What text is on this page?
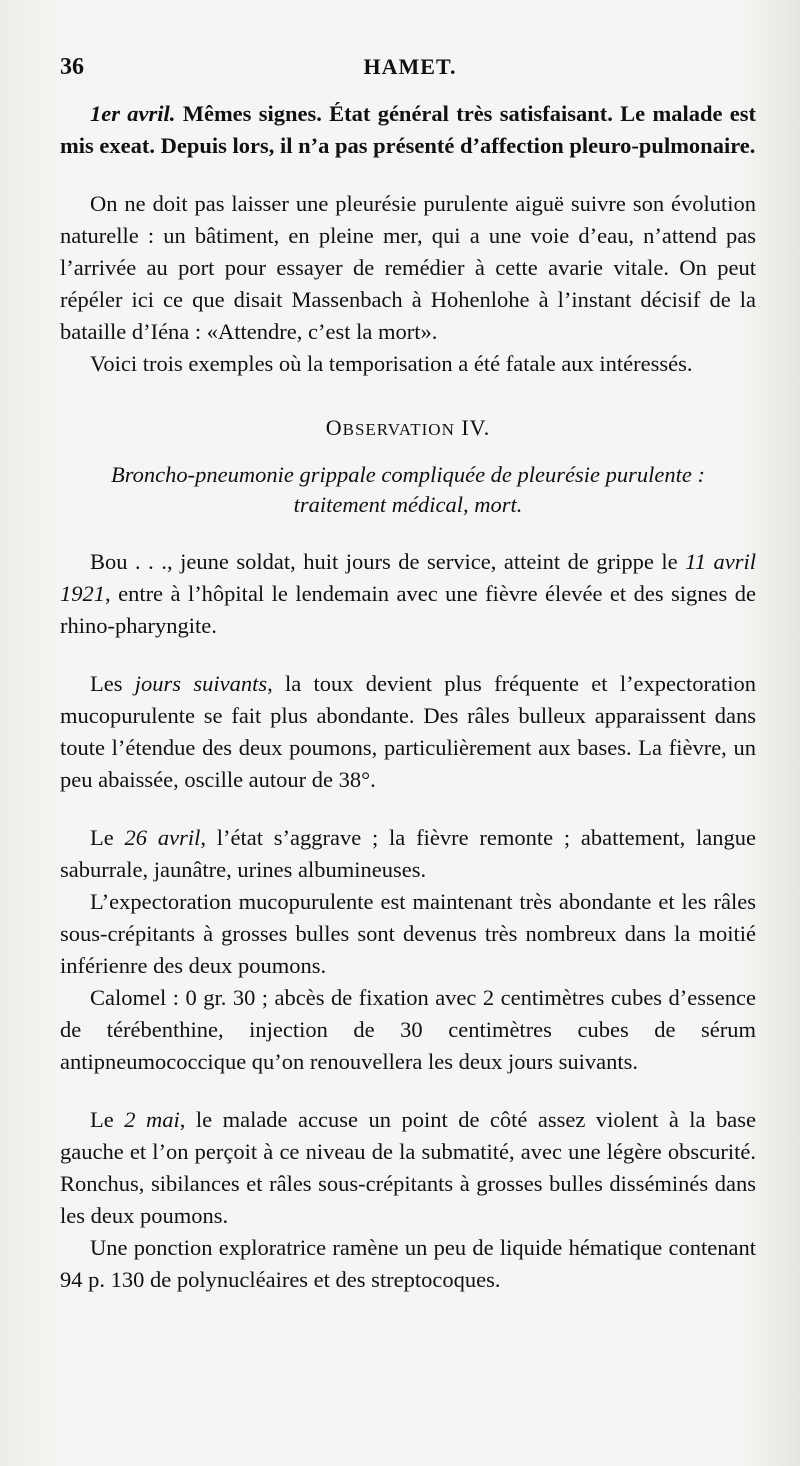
36	HAMET.

1er avril. Mêmes signes. État général très satisfaisant. Le malade est mis exeat. Depuis lors, il n’a pas présenté d’affection pleuro-pulmonaire.

On ne doit pas laisser une pleurésie purulente aiguë suivre son évolution naturelle : un bâtiment, en pleine mer, qui a une voie d’eau, n’attend pas l’arrivée au port pour essayer de remédier à cette avarie vitale. On peut répéler ici ce que disait Massenbach à Hohenlohe à l’instant décisif de la bataille d’Iéna : «Attendre, c’est la mort».

Voici trois exemples où la temporisation a été fatale aux intéressés.

OBSERVATION IV.

Broncho-pneumonie grippale compliquée de pleurésie purulente :
traitement médical, mort.

Bou . . ., jeune soldat, huit jours de service, atteint de grippe le 11 avril 1921, entre à l’hôpital le lendemain avec une fièvre élevée et des signes de rhino-pharyngite.

Les jours suivants, la toux devient plus fréquente et l’expectoration mucopurulente se fait plus abondante. Des râles bulleux apparaissent dans toute l’étendue des deux poumons, particulièrement aux bases. La fièvre, un peu abaissée, oscille autour de 38°.

Le 26 avril, l’état s’aggrave ; la fièvre remonte ; abattement, langue saburrale, jaunâtre, urines albumineuses.

L’expectoration mucopurulente est maintenant très abondante et les râles sous-crépitants à grosses bulles sont devenus très nombreux dans la moitié inférienre des deux poumons.

Calomel : 0 gr. 30 ; abcès de fixation avec 2 centimètres cubes d’essence de térébenthine, injection de 30 centimètres cubes de sérum antipneumococcique qu’on renouvellera les deux jours suivants.

Le 2 mai, le malade accuse un point de côté assez violent à la base gauche et l’on perçoit à ce niveau de la submatité, avec une légère obscurité. Ronchus, sibilances et râles sous-crépitants à grosses bulles disséminés dans les deux poumons.

Une ponction exploratrice ramène un peu de liquide hématique contenant 94 p. 130 de polynucléaires et des streptocoques.
